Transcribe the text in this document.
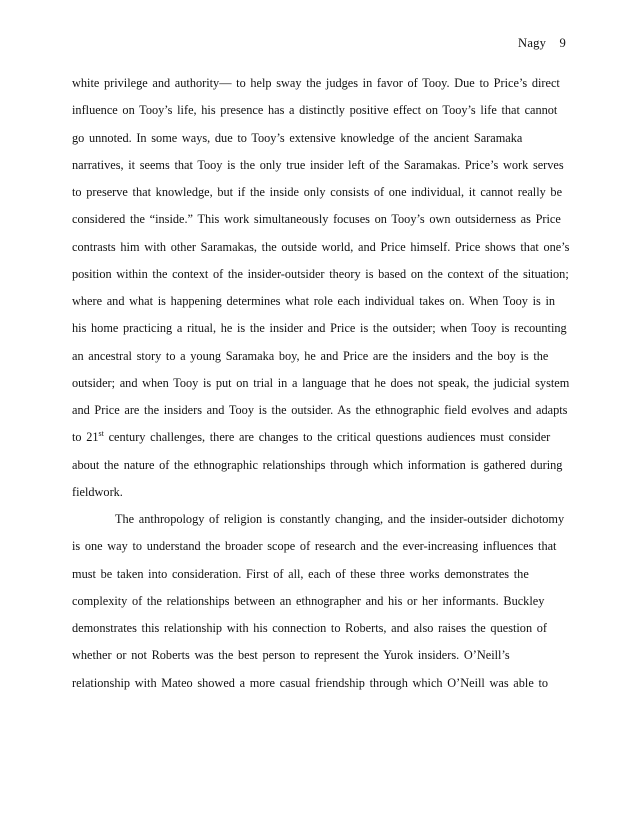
Nagy 9
white privilege and authority— to help sway the judges in favor of Tooy. Due to Price’s direct
influence on Tooy’s life, his presence has a distinctly positive effect on Tooy’s life that cannot
go unnoted. In some ways, due to Tooy’s extensive knowledge of the ancient Saramaka
narratives, it seems that Tooy is the only true insider left of the Saramakas. Price’s work serves
to preserve that knowledge, but if the inside only consists of one individual, it cannot really be
considered the “inside.” This work simultaneously focuses on Tooy’s own outsiderness as Price
contrasts him with other Saramakas, the outside world, and Price himself. Price shows that one’s
position within the context of the insider-outsider theory is based on the context of the situation;
where and what is happening determines what role each individual takes on. When Tooy is in
his home practicing a ritual, he is the insider and Price is the outsider; when Tooy is recounting
an ancestral story to a young Saramaka boy, he and Price are the insiders and the boy is the
outsider; and when Tooy is put on trial in a language that he does not speak, the judicial system
and Price are the insiders and Tooy is the outsider. As the ethnographic field evolves and adapts
to 21st century challenges, there are changes to the critical questions audiences must consider
about the nature of the ethnographic relationships through which information is gathered during
fieldwork.
The anthropology of religion is constantly changing, and the insider-outsider dichotomy
is one way to understand the broader scope of research and the ever-increasing influences that
must be taken into consideration. First of all, each of these three works demonstrates the
complexity of the relationships between an ethnographer and his or her informants. Buckley
demonstrates this relationship with his connection to Roberts, and also raises the question of
whether or not Roberts was the best person to represent the Yurok insiders. O’Neill’s
relationship with Mateo showed a more casual friendship through which O’Neill was able to
